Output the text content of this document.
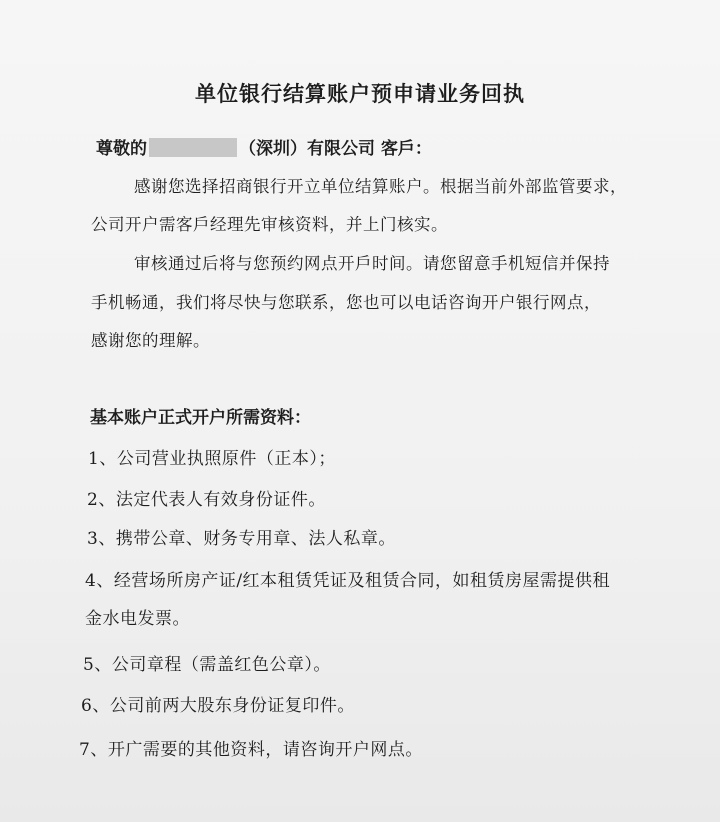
单位银行结算账户预申请业务回执
尊敬的	（深圳）有限公司 客戶：
感谢您选择招商银行开立单位结算账户。根据当前外部监管要求，
公司开户需客戶经理先审核资料，并上门核实。
审核通过后将与您预约网点开戶时间。请您留意手机短信并保持
手机畅通，我们将尽快与您联系，您也可以电话咨询开户银行网点，
感谢您的理解。
基本账户正式开户所需资料：
1、公司营业执照原件（正本）；
2、法定代表人有效身份证件。
3、携带公章、财务专用章、法人私章。
4、经营场所房产证/红本租赁凭证及租赁合同，如租赁房屋需提供租
金水电发票。
5、公司章程（需盖红色公章）。
6、公司前两大股东身份证复印件。
7、开广需要的其他资料，请咨询开户网点。
